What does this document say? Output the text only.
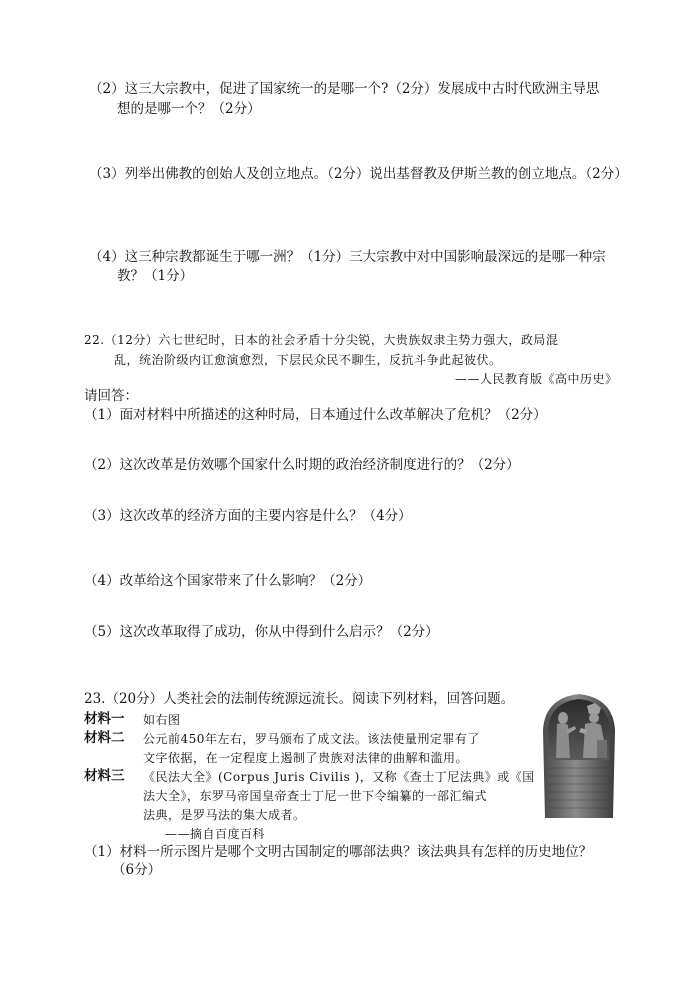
（2）这三大宗教中，促进了国家统一的是哪一个?（2分）发展成中古时代欧洲主导思
想的是哪一个？（2分）
（3）列举出佛教的创始人及创立地点。（2分）说出基督教及伊斯兰教的创立地点。（2分）
（4）这三种宗教都诞生于哪一洲？（1分）三大宗教中对中国影响最深远的是哪一种宗
教？（1分）
22.（12分）六七世纪时，日本的社会矛盾十分尖锐，大贵族奴隶主势力强大，政局混
乱，统治阶级内讧愈演愈烈，下层民众民不聊生，反抗斗争此起彼伏。
——人民教育版《高中历史》
请回答：
（1）面对材料中所描述的这种时局，日本通过什么改革解决了危机？（2分）
（2）这次改革是仿效哪个国家什么时期的政治经济制度进行的？（2分）
（3）这次改革的经济方面的主要内容是什么？（4分）
（4）改革给这个国家带来了什么影响？（2分）
（5）这次改革取得了成功，你从中得到什么启示？（2分）
23.（20分）人类社会的法制传统源远流长。阅读下列材料，回答问题。
材料一 如右图
材料二 公元前450年左右，罗马颁布了成文法。该法使量刑定罪有了
文字依据，在一定程度上遏制了贵族对法律的曲解和滥用。
材料三 《民法大全》(Corpus Juris Civilis )，又称《查士丁尼法典》或《国
法大全》，东罗马帝国皇帝查士丁尼一世下令编纂的一部汇编式
法典，是罗马法的集大成者。
——摘自百度百科
（1）材料一所示图片是哪个文明古国制定的哪部法典？该法典具有怎样的历史地位？
（6分）
